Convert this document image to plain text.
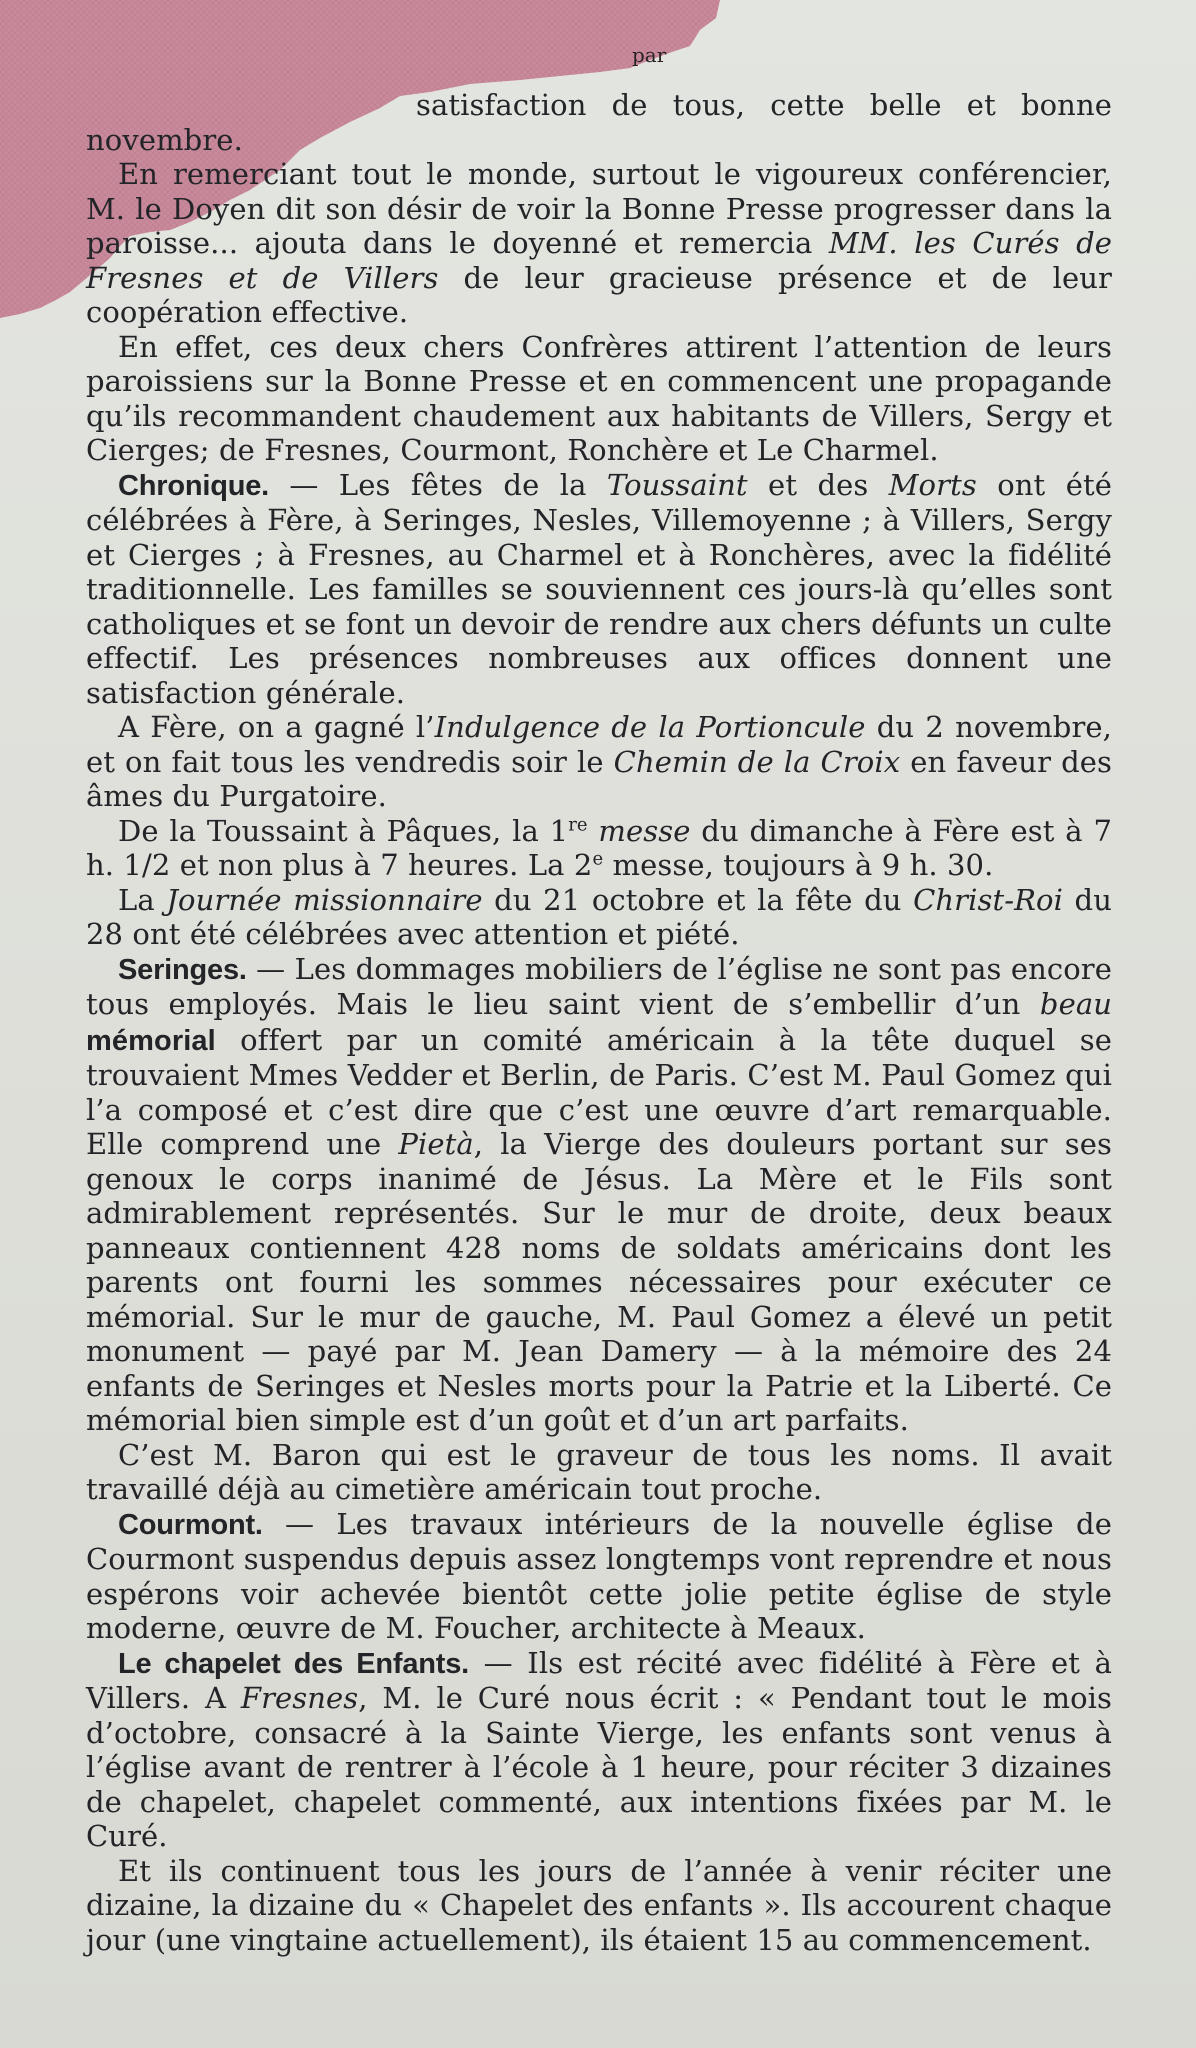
par

satisfaction de tous, cette belle et bonne novembre.

En remerciant tout le monde, surtout le vigoureux conférencier, M. le Doyen dit son désir de voir la Bonne Presse progresser dans la paroisse... ajouta dans le doyenné et remercia MM. les Curés de Fresnes et de Villers de leur gracieuse présence et de leur coopération effective.

En effet, ces deux chers Confrères attirent l’attention de leurs paroissiens sur la Bonne Presse et en commencent une propagande qu’ils recommandent chaudement aux habitants de Villers, Sergy et Cierges; de Fresnes, Courmont, Ronchère et Le Charmel.

Chronique. — Les fêtes de la Toussaint et des Morts ont été célébrées à Fère, à Seringes, Nesles, Villemoyenne ; à Villers, Sergy et Cierges ; à Fresnes, au Charmel et à Ronchères, avec la fidélité traditionnelle. Les familles se souviennent ces jours-là qu’elles sont catholiques et se font un devoir de rendre aux chers défunts un culte effectif. Les présences nombreuses aux offices donnent une satisfaction générale.

A Fère, on a gagné l’Indulgence de la Portioncule du 2 novembre, et on fait tous les vendredis soir le Chemin de la Croix en faveur des âmes du Purgatoire.

De la Toussaint à Pâques, la 1re messe du dimanche à Fère est à 7 h. 1/2 et non plus à 7 heures. La 2e messe, toujours à 9 h. 30.

La Journée missionnaire du 21 octobre et la fête du Christ-Roi du 28 ont été célébrées avec attention et piété.

Seringes. — Les dommages mobiliers de l’église ne sont pas encore tous employés. Mais le lieu saint vient de s’embellir d’un beau mémorial offert par un comité américain à la tête duquel se trouvaient Mmes Vedder et Berlin, de Paris. C’est M. Paul Gomez qui l’a composé et c’est dire que c’est une œuvre d’art remarquable. Elle comprend une Pietà, la Vierge des douleurs portant sur ses genoux le corps inanimé de Jésus. La Mère et le Fils sont admirablement représentés. Sur le mur de droite, deux beaux panneaux contiennent 428 noms de soldats américains dont les parents ont fourni les sommes nécessaires pour exécuter ce mémorial. Sur le mur de gauche, M. Paul Gomez a élevé un petit monument — payé par M. Jean Damery — à la mémoire des 24 enfants de Seringes et Nesles morts pour la Patrie et la Liberté. Ce mémorial bien simple est d’un goût et d’un art parfaits.

C’est M. Baron qui est le graveur de tous les noms. Il avait travaillé déjà au cimetière américain tout proche.

Courmont. — Les travaux intérieurs de la nouvelle église de Courmont suspendus depuis assez longtemps vont reprendre et nous espérons voir achevée bientôt cette jolie petite église de style moderne, œuvre de M. Foucher, architecte à Meaux.

Le chapelet des Enfants. — Ils est récité avec fidélité à Fère et à Villers. A Fresnes, M. le Curé nous écrit : « Pendant tout le mois d’octobre, consacré à la Sainte Vierge, les enfants sont venus à l’église avant de rentrer à l’école à 1 heure, pour réciter 3 dizaines de chapelet, chapelet commenté, aux intentions fixées par M. le Curé.

Et ils continuent tous les jours de l’année à venir réciter une dizaine, la dizaine du « Chapelet des enfants ». Ils accourent chaque jour (une vingtaine actuellement), ils étaient 15 au commencement.
